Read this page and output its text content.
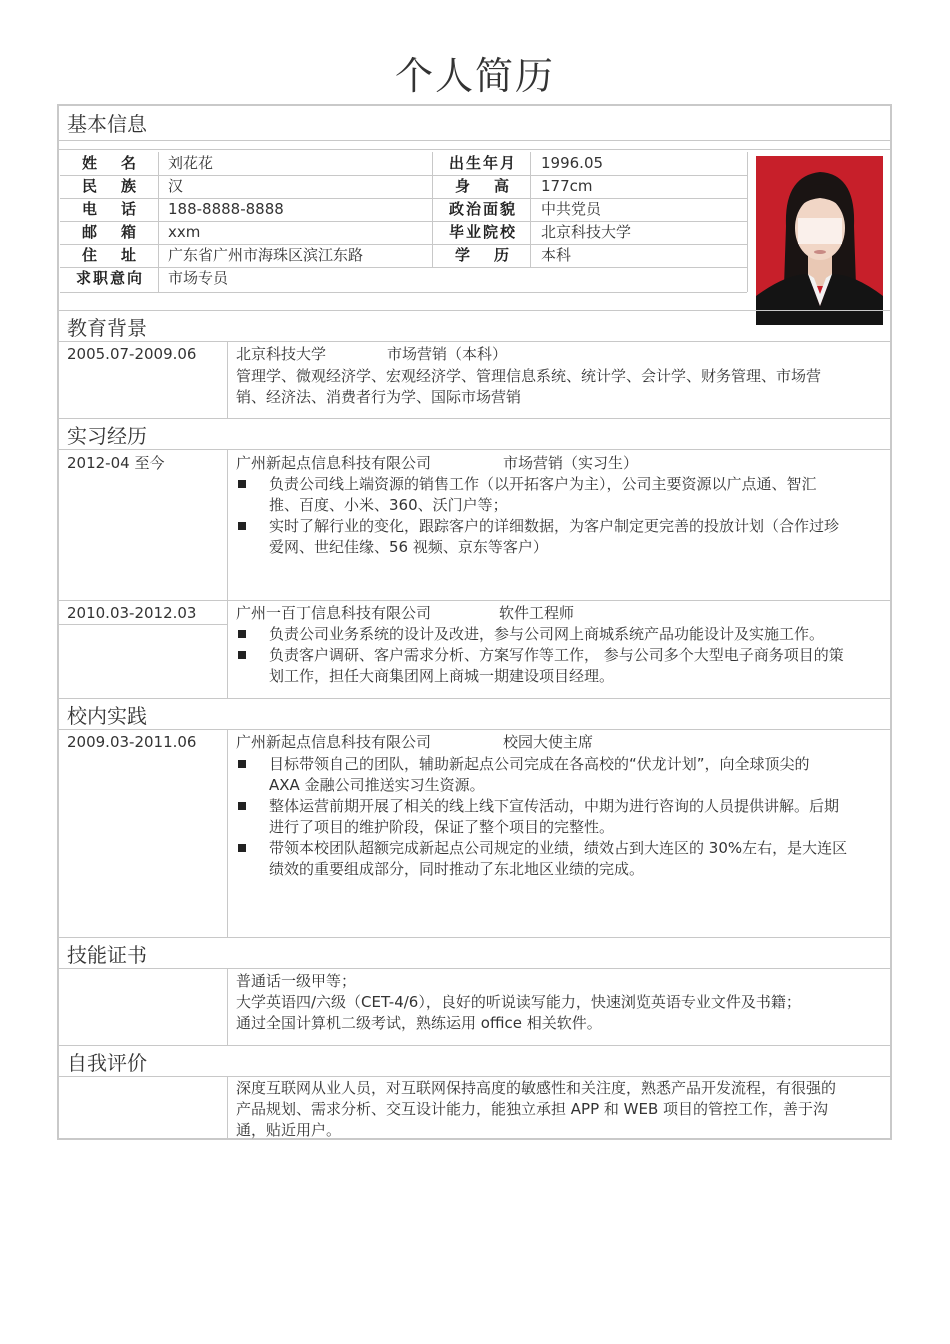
个人简历
基本信息
姓 名 刘花花	出生年月 1996.05
民 族 汉	身 高 177cm
电 话 188-8888-8888	政治面貌 中共党员
邮 箱 xxm	毕业院校 北京科技大学
住 址 广东省广州市海珠区滨江东路	学 历 本科
求职意向 市场专员
教育背景
2005.07-2009.06	北京科技大学	市场营销（本科）
管理学、微观经济学、宏观经济学、管理信息系统、统计学、会计学、财务管理、市场营
销、经济法、消费者行为学、国际市场营销
实习经历
2012-04 至今	广州新起点信息科技有限公司	市场营销（实习生）
负责公司线上端资源的销售工作（以开拓客户为主），公司主要资源以广点通、智汇
推、百度、小米、360、沃门户等；
实时了解行业的变化，跟踪客户的详细数据，为客户制定更完善的投放计划（合作过珍
爱网、世纪佳缘、56 视频、京东等客户）
2010.03-2012.03	广州一百丁信息科技有限公司	软件工程师
负责公司业务系统的设计及改进，参与公司网上商城系统产品功能设计及实施工作。
负责客户调研、客户需求分析、方案写作等工作， 参与公司多个大型电子商务项目的策
划工作，担任大商集团网上商城一期建设项目经理。
校内实践
2009.03-2011.06	广州新起点信息科技有限公司	校园大使主席
目标带领自己的团队，辅助新起点公司完成在各高校的“伏龙计划”，向全球顶尖的
AXA 金融公司推送实习生资源。
整体运营前期开展了相关的线上线下宣传活动，中期为进行咨询的人员提供讲解。后期
进行了项目的维护阶段，保证了整个项目的完整性。
带领本校团队超额完成新起点公司规定的业绩，绩效占到大连区的 30%左右，是大连区
绩效的重要组成部分，同时推动了东北地区业绩的完成。
技能证书
普通话一级甲等；
大学英语四/六级（CET-4/6），良好的听说读写能力，快速浏览英语专业文件及书籍；
通过全国计算机二级考试，熟练运用 office 相关软件。
自我评价
深度互联网从业人员，对互联网保持高度的敏感性和关注度，熟悉产品开发流程，有很强的
产品规划、需求分析、交互设计能力，能独立承担 APP 和 WEB 项目的管控工作，善于沟
通，贴近用户。
